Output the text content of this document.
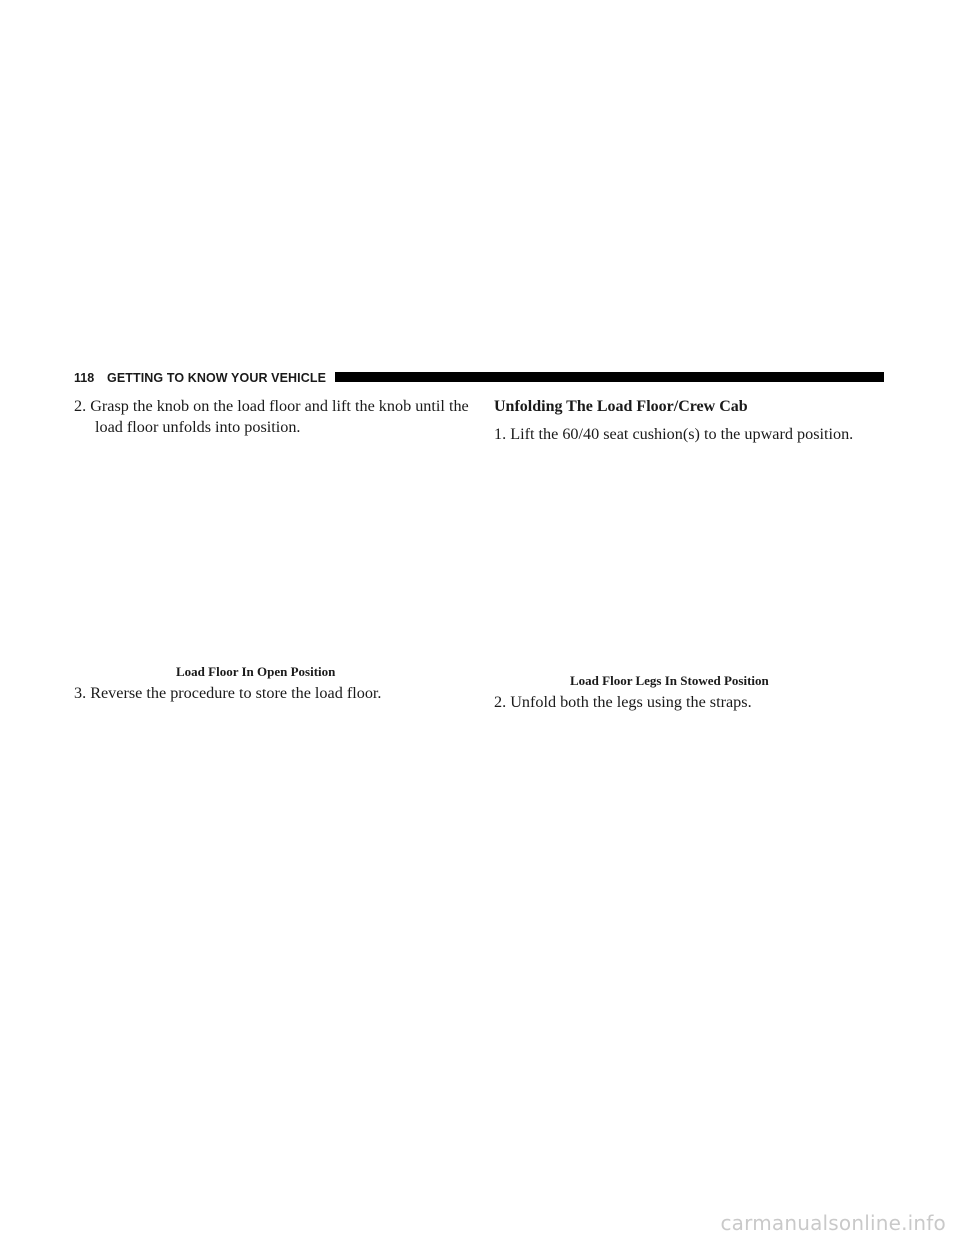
118 GETTING TO KNOW YOUR VEHICLE
2. Grasp the knob on the load floor and lift the knob until the load floor unfolds into position.
Load Floor In Open Position
3. Reverse the procedure to store the load floor.
Unfolding The Load Floor/Crew Cab
1. Lift the 60/40 seat cushion(s) to the upward position.
Load Floor Legs In Stowed Position
2. Unfold both the legs using the straps.
carmanualsonline.info
